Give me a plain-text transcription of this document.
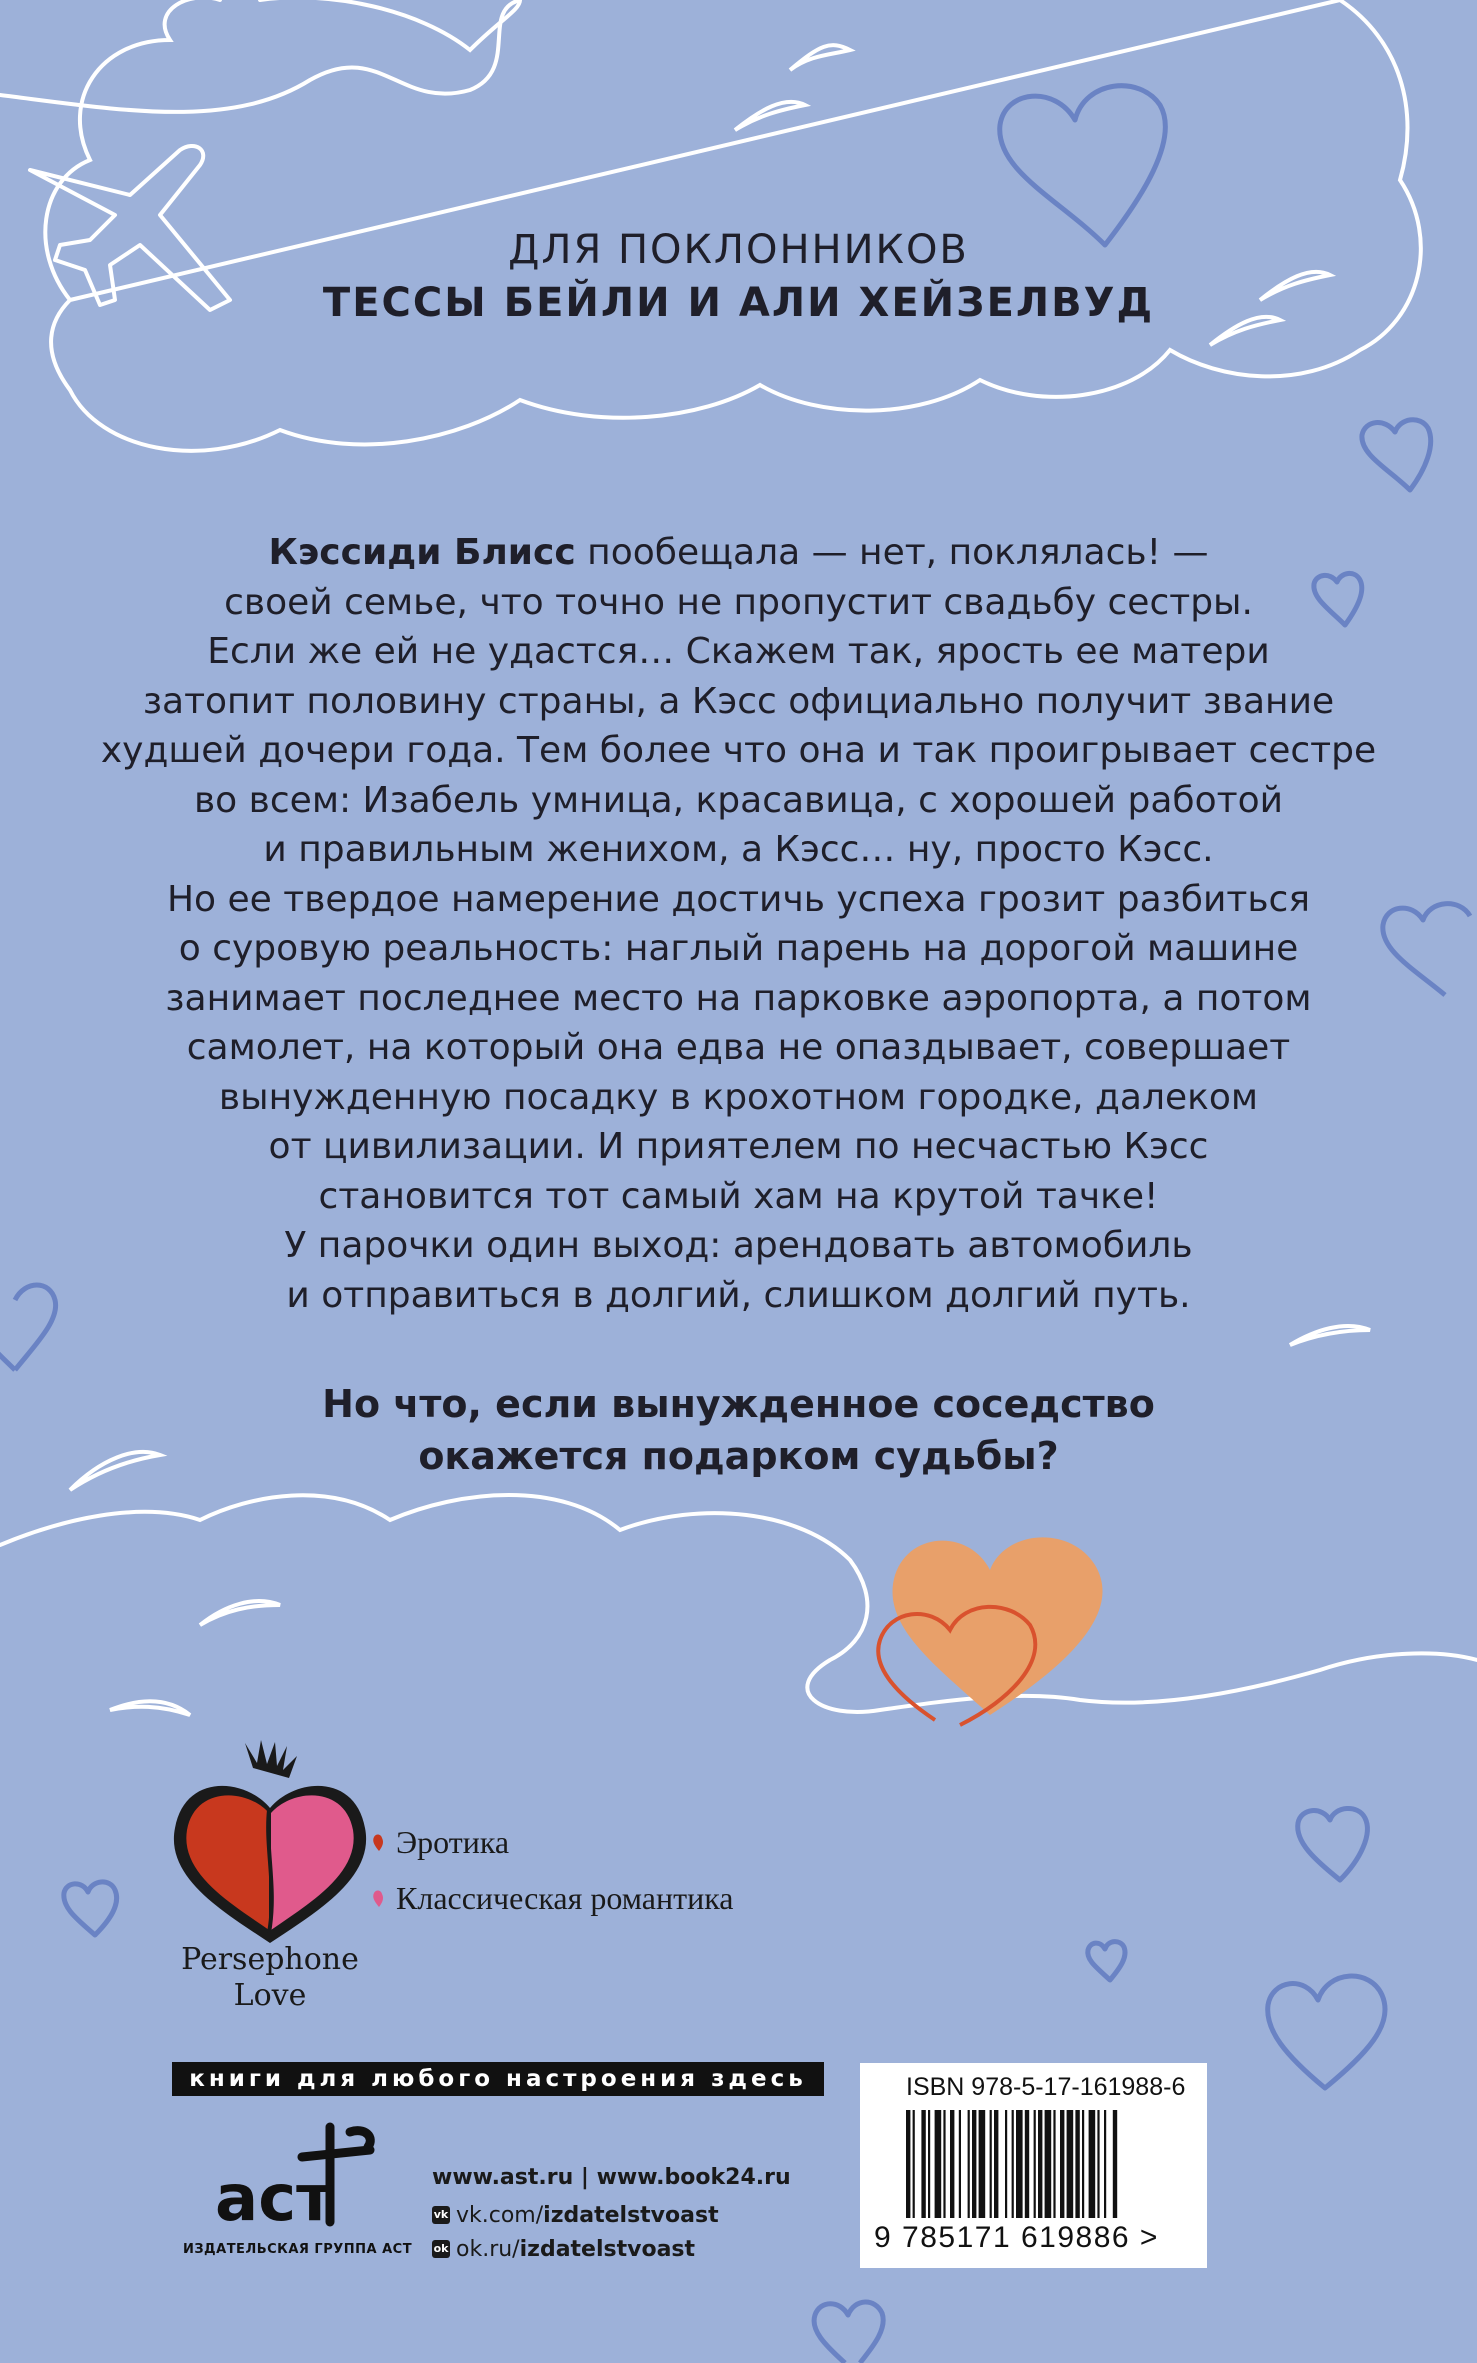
ДЛЯ ПОКЛОННИКОВ
ТЕССЫ БЕЙЛИ И АЛИ ХЕЙЗЕЛВУД
Кэссиди Блисс пообещала — нет, поклялась! —
своей семье, что точно не пропустит свадьбу сестры.
Если же ей не удастся… Скажем так, ярость ее матери
затопит половину страны, а Кэсс официально получит звание
худшей дочери года. Тем более что она и так проигрывает сестре
во всем: Изабель умница, красавица, с хорошей работой
и правильным женихом, а Кэсс… ну, просто Кэсс.
Но ее твердое намерение достичь успеха грозит разбиться
о суровую реальность: наглый парень на дорогой машине
занимает последнее место на парковке аэропорта, а потом
самолет, на который она едва не опаздывает, совершает
вынужденную посадку в крохотном городке, далеком
от цивилизации. И приятелем по несчастью Кэсс
становится тот самый хам на крутой тачке!
У парочки один выход: арендовать автомобиль
и отправиться в долгий, слишком долгий путь.
Но что, если вынужденное соседство
окажется подарком судьбы?
Persephone
Love
Эротика
Классическая романтика
книги для любого настроения здесь
аст
ИЗДАТЕЛЬСКАЯ ГРУППА АСТ
www.ast.ru | www.book24.ru
vk vk.com/ izdatelstvoast
ok ok.ru/ izdatelstvoast
ISBN 978-5-17-161988-6
9 785171 619886 >
